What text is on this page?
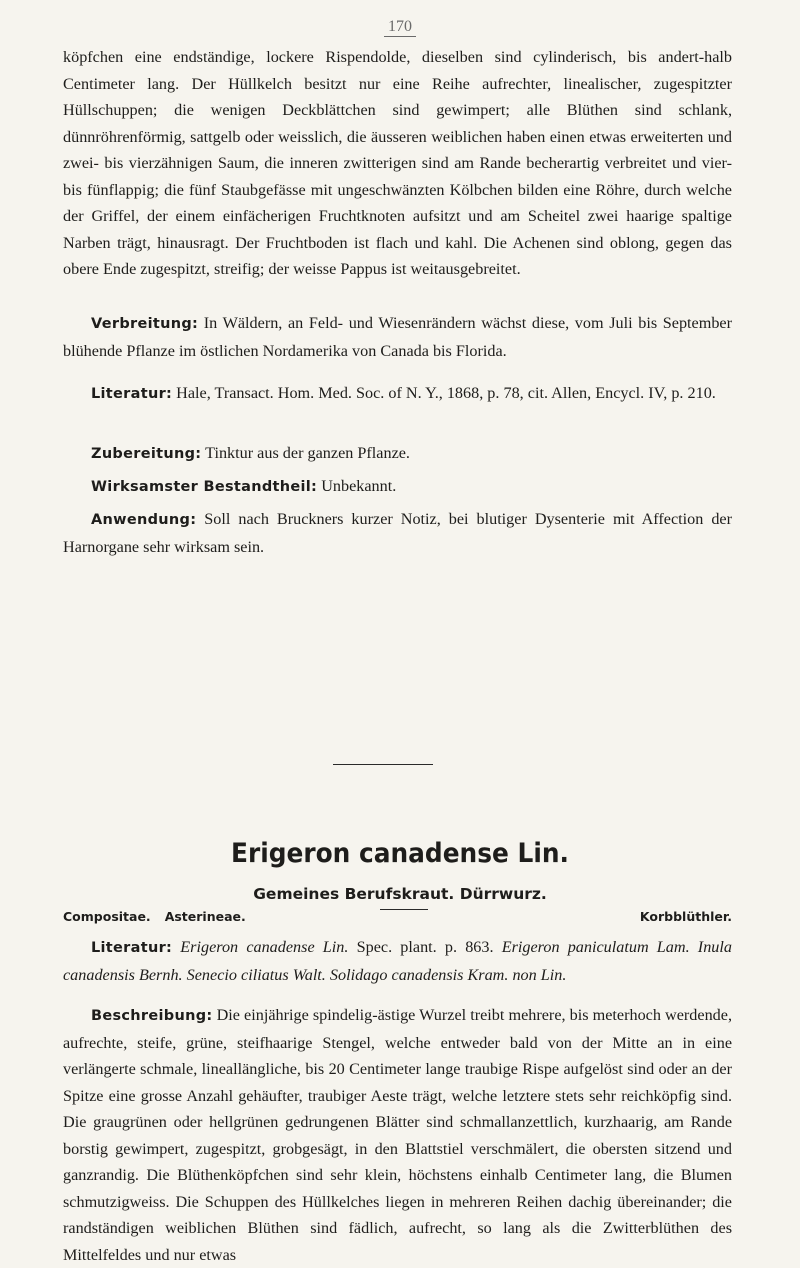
170

köpfchen eine endständige, lockere Rispendolde, dieselben sind cylinderisch, bis andert-halb Centimeter lang. Der Hüllkelch besitzt nur eine Reihe aufrechter, linealischer, zugespitzter Hüllschuppen; die wenigen Deckblättchen sind gewimpert; alle Blüthen sind schlank, dünnröhrenförmig, sattgelb oder weisslich, die äusseren weiblichen haben einen etwas erweiterten und zwei- bis vierzähnigen Saum, die inneren zwitterigen sind am Rande becherartig verbreitet und vier- bis fünflappig; die fünf Staubgefässe mit ungeschwänzten Kölbchen bilden eine Röhre, durch welche der Griffel, der einem einfächerigen Fruchtknoten aufsitzt und am Scheitel zwei haarige spaltige Narben trägt, hinausragt. Der Fruchtboden ist flach und kahl. Die Achenen sind oblong, gegen das obere Ende zugespitzt, streifig; der weisse Pappus ist weitausgebreitet.

Verbreitung: In Wäldern, an Feld- und Wiesenrändern wächst diese, vom Juli bis September blühende Pflanze im östlichen Nordamerika von Canada bis Florida.

Literatur: Hale, Transact. Hom. Med. Soc. of N. Y., 1868, p. 78, cit. Allen, Encycl. IV, p. 210.

Zubereitung: Tinktur aus der ganzen Pflanze.

Wirksamster Bestandtheil: Unbekannt.

Anwendung: Soll nach Bruckners kurzer Notiz, bei blutiger Dysenterie mit Affection der Harnorgane sehr wirksam sein.

Erigeron canadense Lin.
Gemeines Berufskraut. Dürrwurz.
Compositae. Asterineae.	Korbblüthler.

Literatur: Erigeron canadense Lin. Spec. plant. p. 863. Erigeron paniculatum Lam. Inula canadensis Bernh. Senecio ciliatus Walt. Solidago canadensis Kram. non Lin.

Beschreibung: Die einjährige spindelig-ästige Wurzel treibt mehrere, bis meterhoch werdende, aufrechte, steife, grüne, steifhaarige Stengel, welche entweder bald von der Mitte an in eine verlängerte schmale, lineallängliche, bis 20 Centimeter lange traubige Rispe aufgelöst sind oder an der Spitze eine grosse Anzahl gehäufter, traubiger Aeste trägt, welche letztere stets sehr reichköpfig sind. Die graugrünen oder hellgrünen gedrungenen Blätter sind schmallanzettlich, kurzhaarig, am Rande borstig gewimpert, zugespitzt, grobgesägt, in den Blattstiel verschmälert, die obersten sitzend und ganzrandig. Die Blüthenköpfchen sind sehr klein, höchstens einhalb Centimeter lang, die Blumen schmutzigweiss. Die Schuppen des Hüllkelches liegen in mehreren Reihen dachig übereinander; die randständigen weiblichen Blüthen sind fädlich, aufrecht, so lang als die Zwitterblüthen des Mittelfeldes und nur etwas
